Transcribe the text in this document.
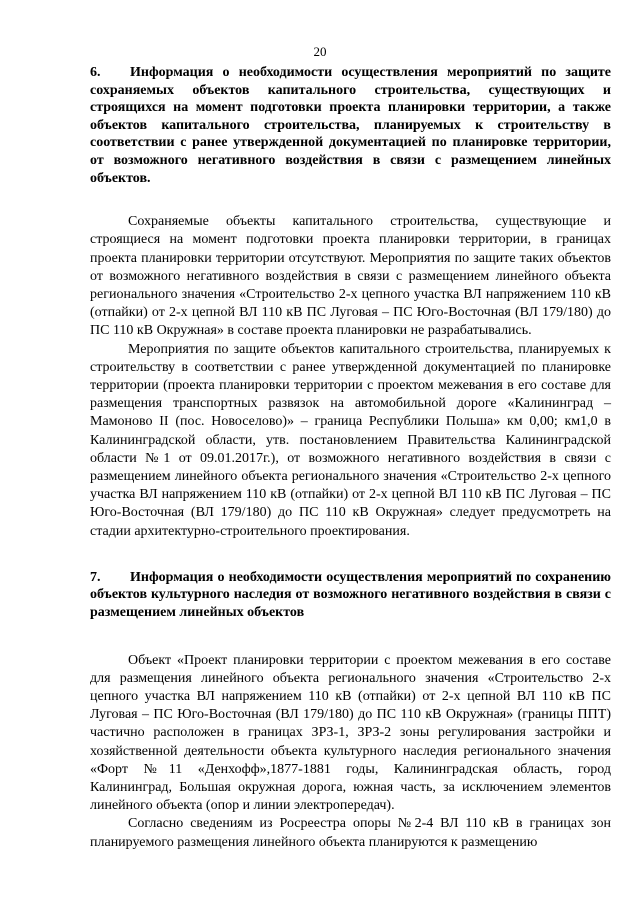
20
6. Информация о необходимости осуществления мероприятий по защите сохраняемых объектов капитального строительства, существующих и строящихся на момент подготовки проекта планировки территории, а также объектов капитального строительства, планируемых к строительству в соответствии с ранее утвержденной документацией по планировке территории, от возможного негативного воздействия в связи с размещением линейных объектов.

Сохраняемые объекты капитального строительства, существующие и строящиеся на момент подготовки проекта планировки территории, в границах проекта планировки территории отсутствуют. Мероприятия по защите таких объектов от возможного негативного воздействия в связи с размещением линейного объекта регионального значения «Строительство 2-х цепного участка ВЛ напряжением 110 кВ (отпайки) от 2-х цепной ВЛ 110 кВ ПС Луговая – ПС Юго-Восточная (ВЛ 179/180) до ПС 110 кВ Окружная» в составе проекта планировки не разрабатывались.

Мероприятия по защите объектов капитального строительства, планируемых к строительству в соответствии с ранее утвержденной документацией по планировке территории (проекта планировки территории с проектом межевания в его составе для размещения транспортных развязок на автомобильной дороге «Калининград – Мамоново II (пос. Новоселово)» – граница Республики Польша» км 0,00; км1,0 в Калининградской области, утв. постановлением Правительства Калининградской области №1 от 09.01.2017г.), от возможного негативного воздействия в связи с размещением линейного объекта регионального значения «Строительство 2-х цепного участка ВЛ напряжением 110 кВ (отпайки) от 2-х цепной ВЛ 110 кВ ПС Луговая – ПС Юго-Восточная (ВЛ 179/180) до ПС 110 кВ Окружная» следует предусмотреть на стадии архитектурно-строительного проектирования.

7. Информация о необходимости осуществления мероприятий по сохранению объектов культурного наследия от возможного негативного воздействия в связи с размещением линейных объектов

Объект «Проект планировки территории с проектом межевания в его составе для размещения линейного объекта регионального значения «Строительство 2-х цепного участка ВЛ напряжением 110 кВ (отпайки) от 2-х цепной ВЛ 110 кВ ПС Луговая – ПС Юго-Восточная (ВЛ 179/180) до ПС 110 кВ Окружная» (границы ППТ) частично расположен в границах ЗРЗ-1, ЗРЗ-2 зоны регулирования застройки и хозяйственной деятельности объекта культурного наследия регионального значения «Форт №11 «Денхофф»,1877-1881 годы, Калининградская область, город Калининград, Большая окружная дорога, южная часть, за исключением элементов линейного объекта (опор и линии электропередач).

Согласно сведениям из Росреестра опоры №2-4 ВЛ 110 кВ в границах зон планируемого размещения линейного объекта планируются к размещению
